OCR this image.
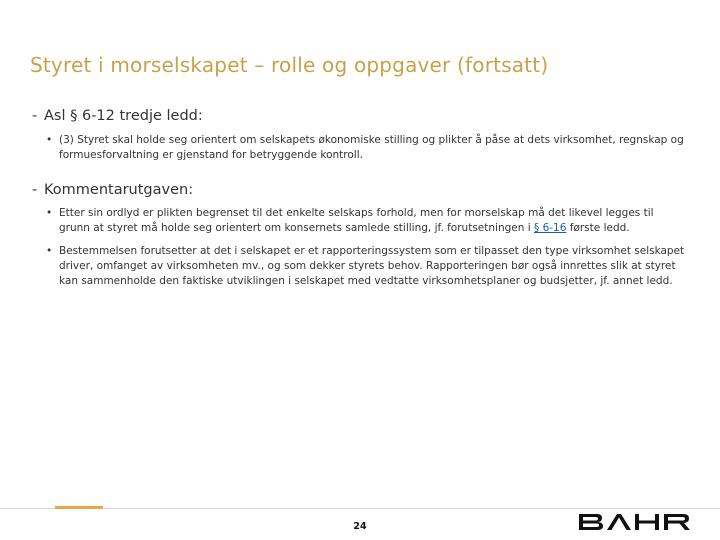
Styret i morselskapet – rolle og oppgaver (fortsatt)
- Asl § 6-12 tredje ledd:
• (3) Styret skal holde seg orientert om selskapets økonomiske stilling og plikter å påse at dets virksomhet, regnskap og formuesforvaltning er gjenstand for betryggende kontroll.
- Kommentarutgaven:
• Etter sin ordlyd er plikten begrenset til det enkelte selskaps forhold, men for morselskap må det likevel legges til grunn at styret må holde seg orientert om konsernets samlede stilling, jf. forutsetningen i § 6-16 første ledd.
• Bestemmelsen forutsetter at det i selskapet er et rapporteringssystem som er tilpasset den type virksomhet selskapet driver, omfanget av virksomheten mv., og som dekker styrets behov. Rapporteringen bør også innrettes slik at styret kan sammenholde den faktiske utviklingen i selskapet med vedtatte virksomhetsplaner og budsjetter, jf. annet ledd.
24
